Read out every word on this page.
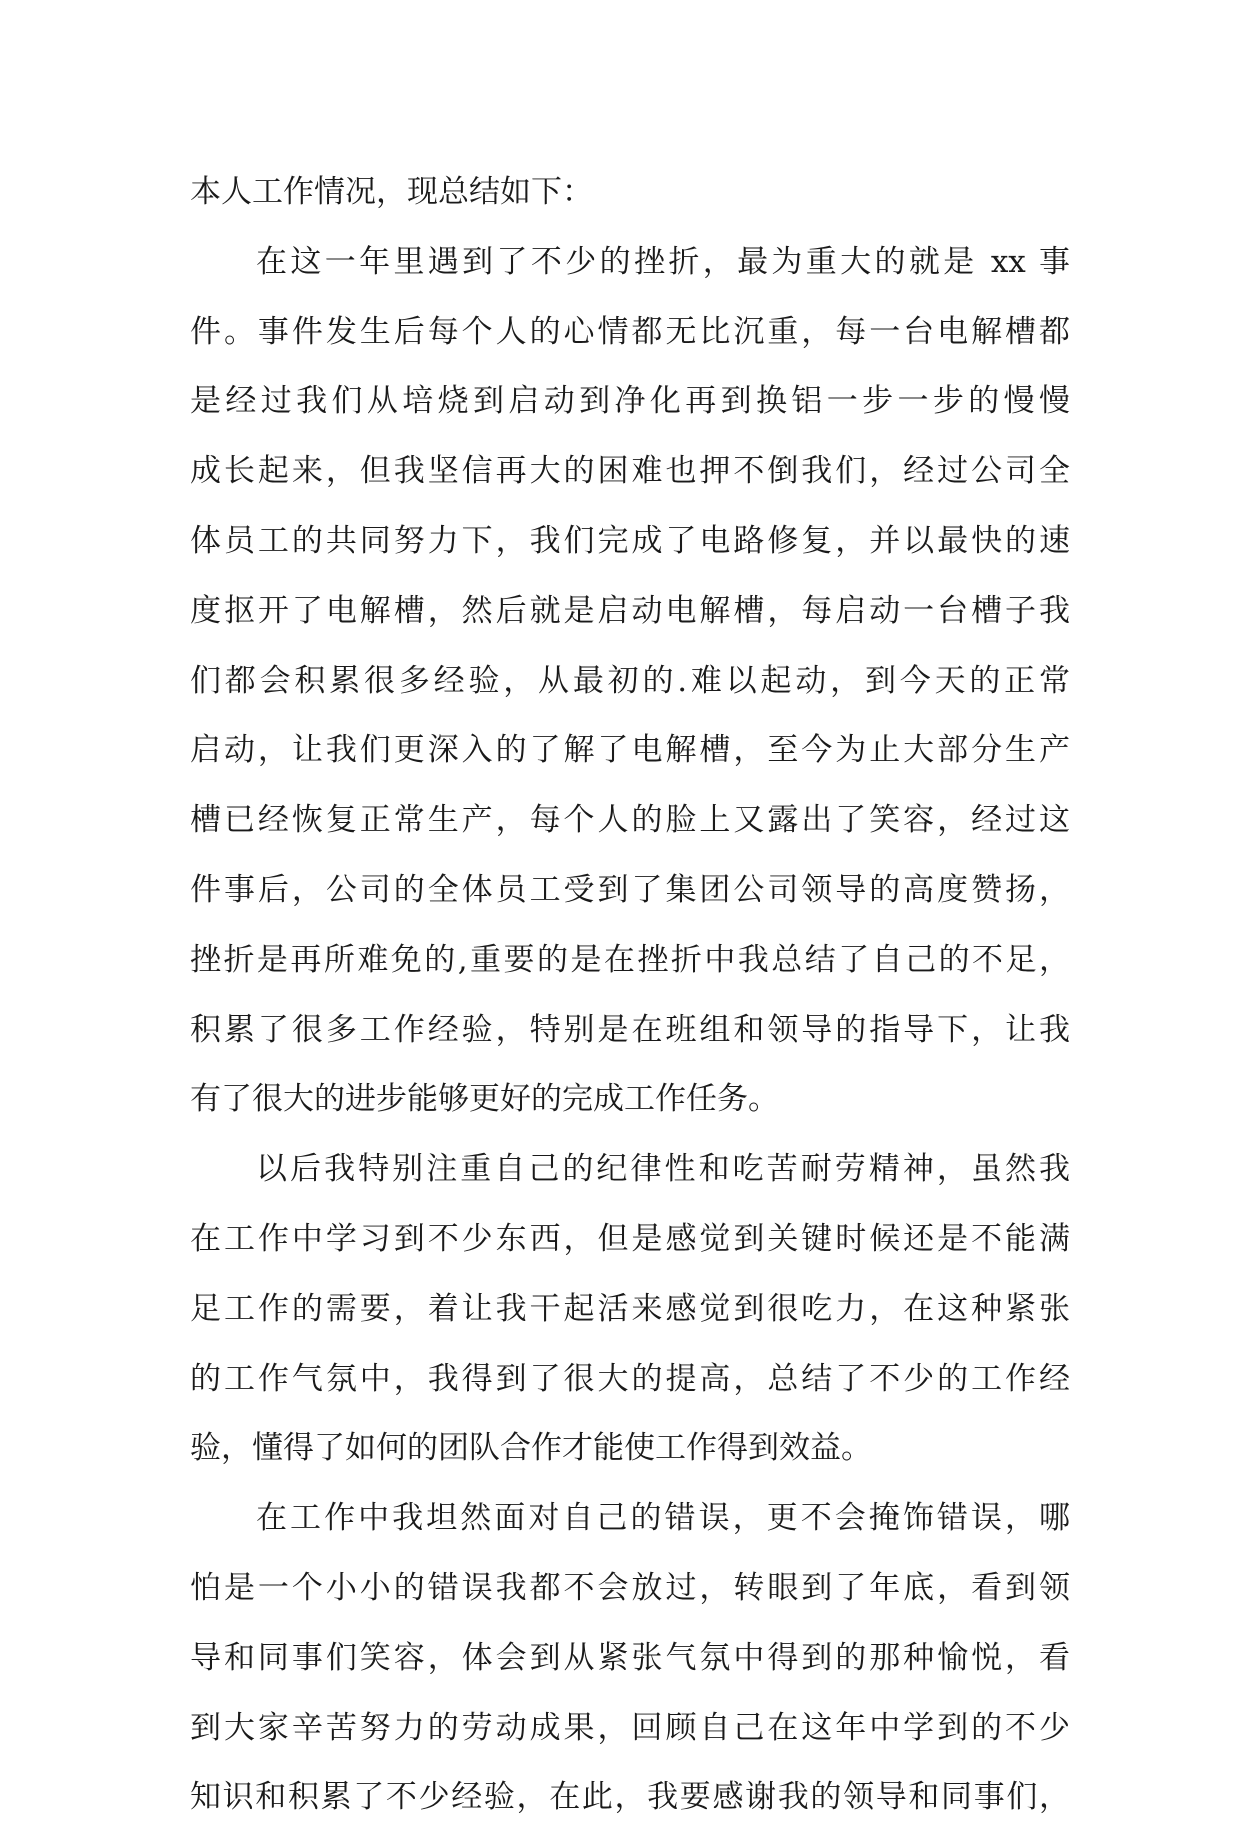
本人工作情况，现总结如下：
在这一年里遇到了不少的挫折，最为重大的就是 xx 事
件。事件发生后每个人的心情都无比沉重，每一台电解槽都
是经过我们从培烧到启动到净化再到换铝一步一步的慢慢
成长起来，但我坚信再大的困难也押不倒我们，经过公司全
体员工的共同努力下，我们完成了电路修复，并以最快的速
度抠开了电解槽，然后就是启动电解槽，每启动一台槽子我
们都会积累很多经验，从最初的.难以起动，到今天的正常
启动，让我们更深入的了解了电解槽，至今为止大部分生产
槽已经恢复正常生产，每个人的脸上又露出了笑容，经过这
件事后，公司的全体员工受到了集团公司领导的高度赞扬，
挫折是再所难免的,重要的是在挫折中我总结了自己的不足，
积累了很多工作经验，特别是在班组和领导的指导下，让我
有了很大的进步能够更好的完成工作任务。
以后我特别注重自己的纪律性和吃苦耐劳精神，虽然我
在工作中学习到不少东西，但是感觉到关键时候还是不能满
足工作的需要，着让我干起活来感觉到很吃力，在这种紧张
的工作气氛中，我得到了很大的提高，总结了不少的工作经
验，懂得了如何的团队合作才能使工作得到效益。
在工作中我坦然面对自己的错误，更不会掩饰错误，哪
怕是一个小小的错误我都不会放过，转眼到了年底，看到领
导和同事们笑容，体会到从紧张气氛中得到的那种愉悦，看
到大家辛苦努力的劳动成果，回顾自己在这年中学到的不少
知识和积累了不少经验，在此，我要感谢我的领导和同事们，
